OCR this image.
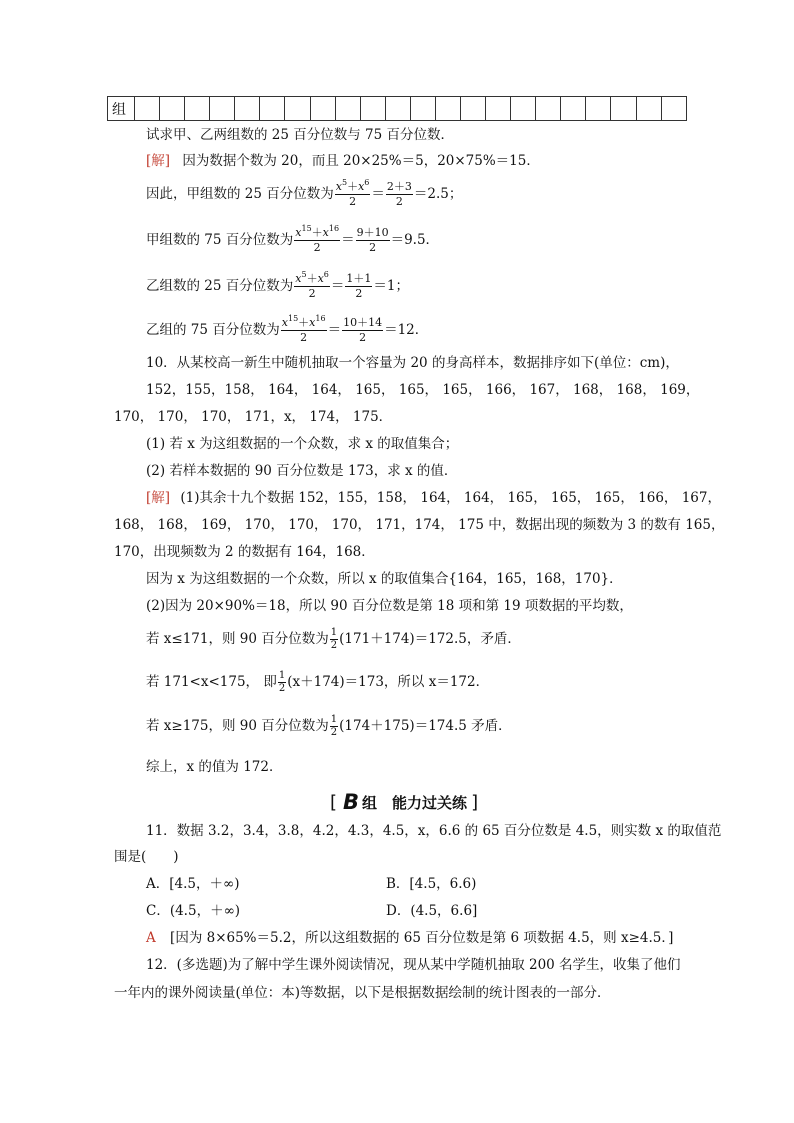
组																						
试求甲、乙两组数的 25 百分位数与 75 百分位数．
[解] 因为数据个数为 20，而且 20×25%＝5，20×75%＝15．
因此，甲组数的 25 百分位数为 $\frac{x^5+x^6}{2} = \frac{2+3}{2} =2.5$；
甲组数的 75 百分位数为 $\frac{x^{15}+x^{16}}{2} = \frac{9+10}{2} =9.5$．
乙组数的 25 百分位数为 $\frac{x^5+x^6}{2} = \frac{1+1}{2} =1$；
乙组的 75 百分位数为 $\frac{x^{15}+x^{16}}{2} = \frac{10+14}{2} =12$．
10．从某校高一新生中随机抽取一个容量为 20 的身高样本，数据排序如下(单位：cm)，
152，155，158， 164， 164， 165， 165， 165， 166， 167， 168， 168， 169，
170， 170， 170， 171，x， 174， 175．
(1) 若 x 为这组数据的一个众数，求 x 的取值集合；
(2) 若样本数据的 90 百分位数是 173，求 x 的值．
[解] (1)其余十九个数据 152，155，158， 164， 164， 165， 165， 165， 166， 167，
168， 168， 169， 170， 170， 170， 171，174， 175 中，数据出现的频数为 3 的数有 165，
170，出现频数为 2 的数据有 164，168．
因为 x 为这组数据的一个众数，所以 x 的取值集合{164，165，168，170}．
(2)因为 20×90%＝18，所以 90 百分位数是第 18 项和第 19 项数据的平均数，
若 x≤171，则 90 百分位数为 $\frac{1}{2} (171+174)=172.5$，矛盾．
若 171<x<175， 即 $\frac{1}{2} (x+174)=173$，所以 x＝172．
若 x≥175，则 90 百分位数为 $\frac{1}{2} (174+175)=174.5$ 矛盾．
综上，x 的值为 172．
[ B 组　能力过关练 ]
11．数据 3.2，3.4，3.8，4.2，4.3，4.5，x，6.6 的 65 百分位数是 4.5，则实数 x 的取值范
围是(　　)
A．[4.5，＋∞)	B．[4.5，6.6)
C．(4.5，＋∞)	D．(4.5，6.6]
A [因为 8×65%＝5.2，所以这组数据的 65 百分位数是第 6 项数据 4.5，则 x≥4.5．]
12．(多选题)为了解中学生课外阅读情况，现从某中学随机抽取 200 名学生，收集了他们
一年内的课外阅读量(单位：本)等数据，以下是根据数据绘制的统计图表的一部分．
